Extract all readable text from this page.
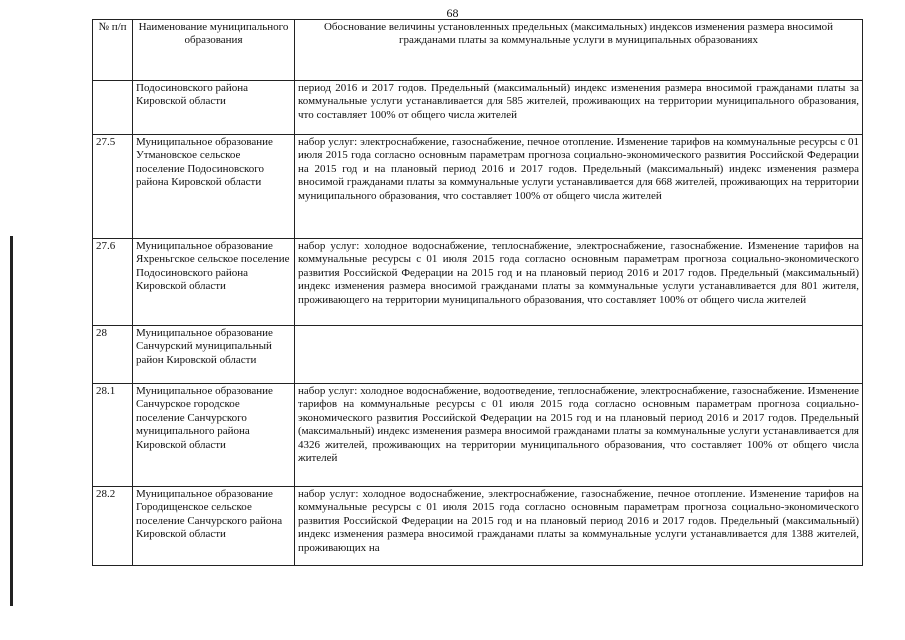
68
№ п/п	Наименование муниципального образования	Обоснование величины установленных предельных (максимальных) индексов изменения размера вносимой гражданами платы за коммунальные услуги в муниципальных образованиях
	Подосиновского района Кировской области	период 2016 и 2017 годов. Предельный (максимальный) индекс изменения размера вносимой гражданами платы за коммунальные услуги устанавливается для 585 жителей, проживающих на территории муниципального образования, что составляет 100% от общего числа жителей
27.5	Муниципальное образование Утмановское сельское поселение Подосиновского района Кировской области	набор услуг: электроснабжение, газоснабжение, печное отопление. Изменение тарифов на коммунальные ресурсы с 01 июля 2015 года согласно основным параметрам прогноза социально-экономического развития Российской Федерации на 2015 год и на плановый период 2016 и 2017 годов. Предельный (максимальный) индекс изменения размера вносимой гражданами платы за коммунальные услуги устанавливается для 668 жителей, проживающих на территории муниципального образования, что составляет 100% от общего числа жителей
27.6	Муниципальное образование Яхреньгское сельское поселение Подосиновского района Кировской области	набор услуг: холодное водоснабжение, теплоснабжение, электроснабжение, газоснабжение. Изменение тарифов на коммунальные ресурсы с 01 июля 2015 года согласно основным параметрам прогноза социально-экономического развития Российской Федерации на 2015 год и на плановый период 2016 и 2017 годов. Предельный (максимальный) индекс изменения размера вносимой гражданами платы за коммунальные услуги устанавливается для 801 жителя, проживающего на территории муниципального образования, что составляет 100% от общего числа жителей
28	Муниципальное образование Санчурский муниципальный район Кировской области	
28.1	Муниципальное образование Санчурское городское поселение Санчурского муниципального района Кировской области	набор услуг: холодное водоснабжение, водоотведение, теплоснабжение, электроснабжение, газоснабжение. Изменение тарифов на коммунальные ресурсы с 01 июля 2015 года согласно основным параметрам прогноза социально-экономического развития Российской Федерации на 2015 год и на плановый период 2016 и 2017 годов. Предельный (максимальный) индекс изменения размера вносимой гражданами платы за коммунальные услуги устанавливается для 4326 жителей, проживающих на территории муниципального образования, что составляет 100% от общего числа жителей
28.2	Муниципальное образование Городищенское сельское поселение Санчурского района Кировской области	набор услуг: холодное водоснабжение, электроснабжение, газоснабжение, печное отопление. Изменение тарифов на коммунальные ресурсы с 01 июля 2015 года согласно основным параметрам прогноза социально-экономического развития Российской Федерации на 2015 год и на плановый период 2016 и 2017 годов. Предельный (максимальный) индекс изменения размера вносимой гражданами платы за коммунальные услуги устанавливается для 1388 жителей, проживающих на
